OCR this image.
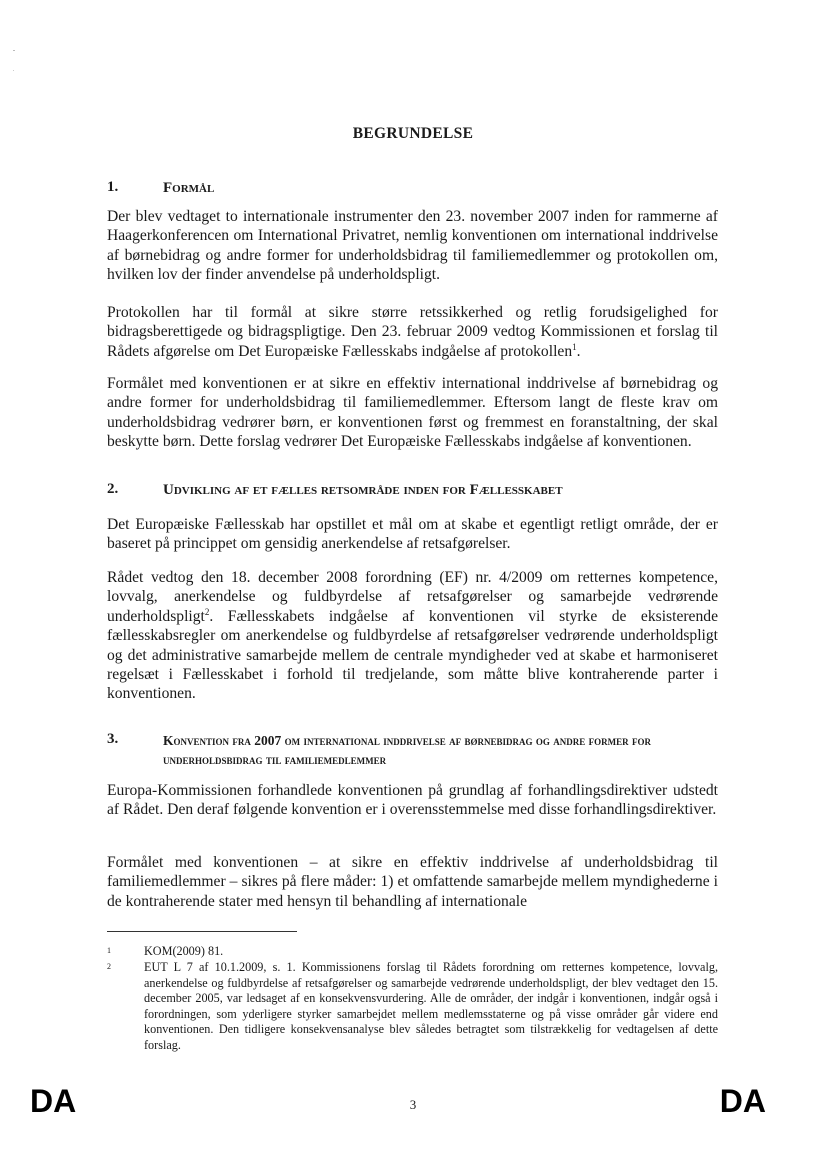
BEGRUNDELSE
1.	Formål

Der blev vedtaget to internationale instrumenter den 23. november 2007 inden for rammerne af Haagerkonferencen om International Privatret, nemlig konventionen om international inddrivelse af børnebidrag og andre former for underholdsbidrag til familiemedlemmer og protokollen om, hvilken lov der finder anvendelse på underholdspligt.

Protokollen har til formål at sikre større retssikkerhed og retlig forudsigelighed for bidragsberettigede og bidragspligtige. Den 23. februar 2009 vedtog Kommissionen et forslag til Rådets afgørelse om Det Europæiske Fællesskabs indgåelse af protokollen$^1$.

Formålet med konventionen er at sikre en effektiv international inddrivelse af børnebidrag og andre former for underholdsbidrag til familiemedlemmer. Eftersom langt de fleste krav om underholdsbidrag vedrører børn, er konventionen først og fremmest en foranstaltning, der skal beskytte børn. Dette forslag vedrører Det Europæiske Fællesskabs indgåelse af konventionen.

2.	Udvikling af et fælles retsområde inden for Fællesskabet

Det Europæiske Fællesskab har opstillet et mål om at skabe et egentligt retligt område, der er baseret på princippet om gensidig anerkendelse af retsafgørelser.

Rådet vedtog den 18. december 2008 forordning (EF) nr. 4/2009 om retternes kompetence, lovvalg, anerkendelse og fuldbyrdelse af retsafgørelser og samarbejde vedrørende underholdspligt$^2$. Fællesskabets indgåelse af konventionen vil styrke de eksisterende fællesskabsregler om anerkendelse og fuldbyrdelse af retsafgørelser vedrørende underholdspligt og det administrative samarbejde mellem de centrale myndigheder ved at skabe et harmoniseret regelsæt i Fællesskabet i forhold til tredjelande, som måtte blive kontraherende parter i konventionen.

3.	Konvention fra 2007 om international inddrivelse af børnebidrag og andre former for underholdsbidrag til familiemedlemmer

Europa-Kommissionen forhandlede konventionen på grundlag af forhandlingsdirektiver udstedt af Rådet. Den deraf følgende konvention er i overensstemmelse med disse forhandlingsdirektiver.

Formålet med konventionen – at sikre en effektiv inddrivelse af underholdsbidrag til familiemedlemmer – sikres på flere måder: 1) et omfattende samarbejde mellem myndighederne i de kontraherende stater med hensyn til behandling af internationale

1	KOM(2009) 81.
2	EUT L 7 af 10.1.2009, s. 1. Kommissionens forslag til Rådets forordning om retternes kompetence, lovvalg, anerkendelse og fuldbyrdelse af retsafgørelser og samarbejde vedrørende underholdspligt, der blev vedtaget den 15. december 2005, var ledsaget af en konsekvensvurdering. Alle de områder, der indgår i konventionen, indgår også i forordningen, som yderligere styrker samarbejdet mellem medlemsstaterne og på visse områder går videre end konventionen. Den tidligere konsekvensanalyse blev således betragtet som tilstrækkelig for vedtagelsen af dette forslag.
DA	3	DA
